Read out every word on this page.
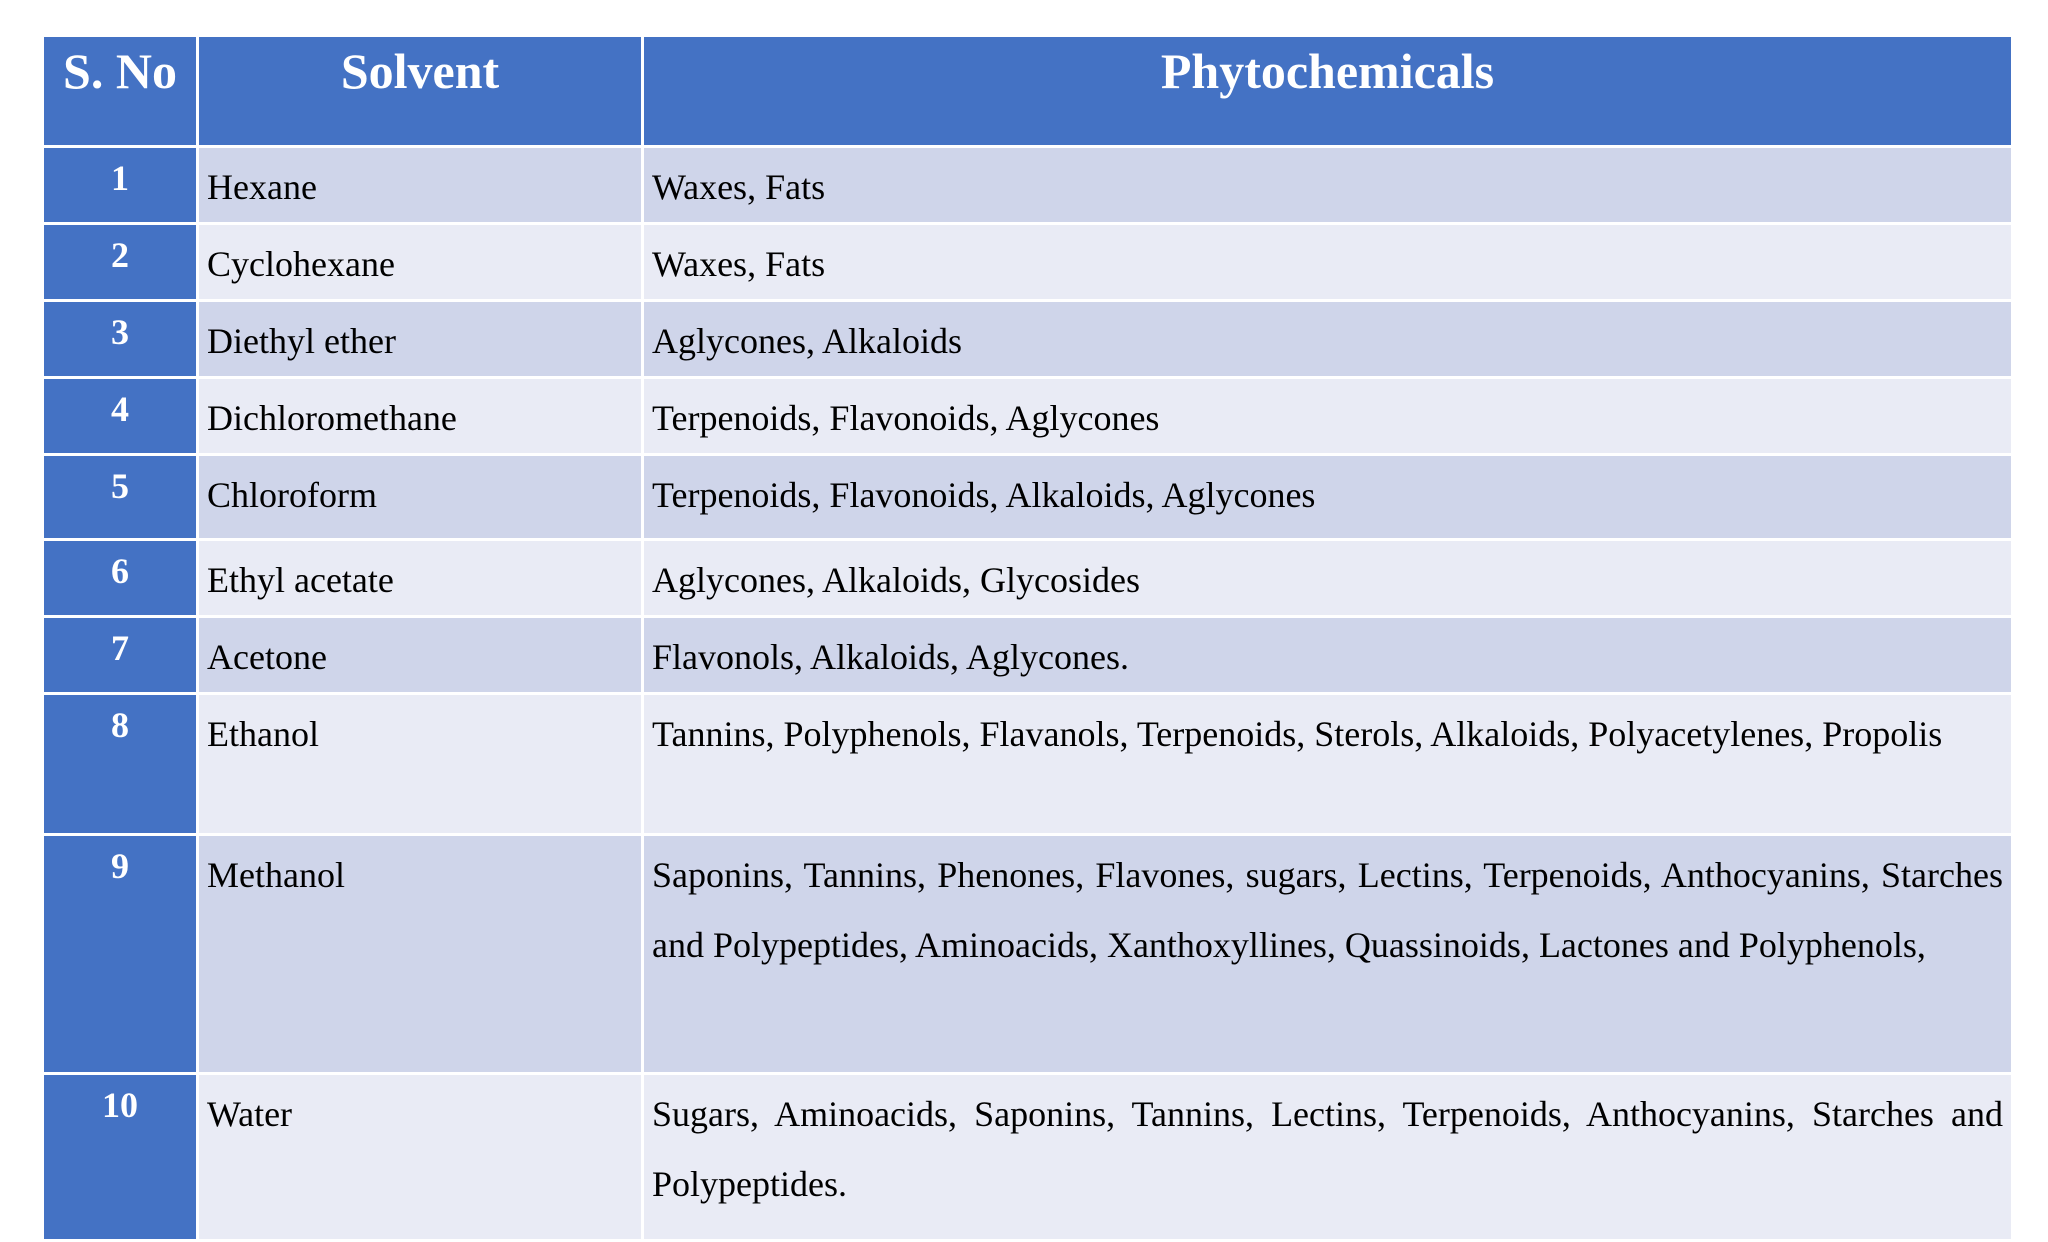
S. No	Solvent	Phytochemicals
1	Hexane	Waxes, Fats
2	Cyclohexane	Waxes, Fats
3	Diethyl ether	Aglycones, Alkaloids
4	Dichloromethane	Terpenoids, Flavonoids, Aglycones
5	Chloroform	Terpenoids, Flavonoids, Alkaloids, Aglycones
6	Ethyl acetate	Aglycones, Alkaloids, Glycosides
7	Acetone	Flavonols, Alkaloids, Aglycones.
8	Ethanol	Tannins, Polyphenols, Flavanols, Terpenoids, Sterols, Alkaloids, Polyacetylenes, Propolis
9	Methanol	Saponins, Tannins, Phenones, Flavones, sugars, Lectins, Terpenoids, Anthocyanins, Starches and Polypeptides, Aminoacids, Xanthoxyllines, Quassinoids, Lactones and Polyphenols,
10	Water	Sugars, Aminoacids, Saponins, Tannins, Lectins, Terpenoids, Anthocyanins, Starches and Polypeptides.
